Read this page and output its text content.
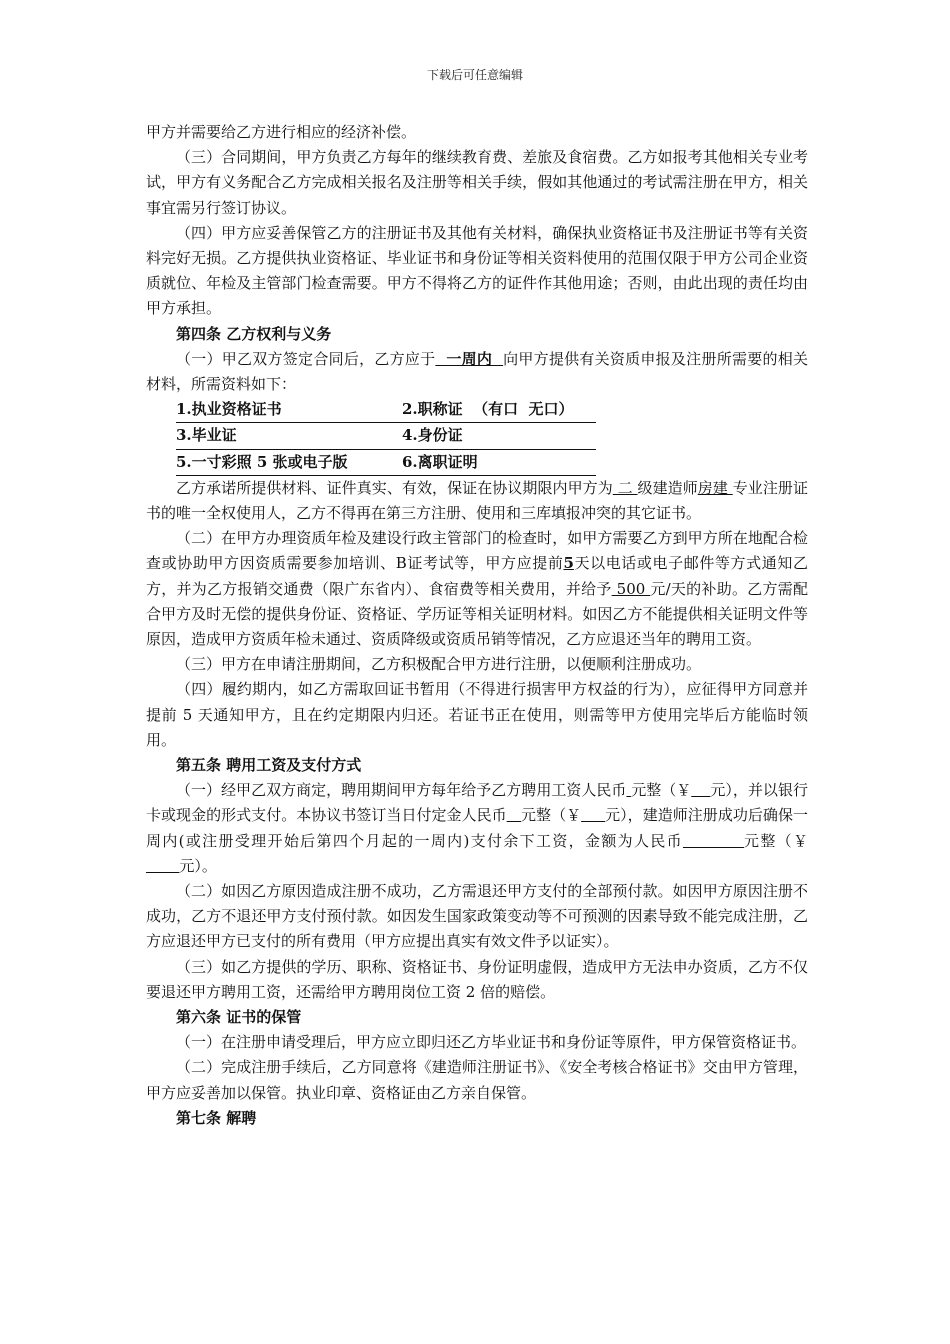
下载后可任意编辑

甲方并需要给乙方进行相应的经济补偿。

（三）合同期间，甲方负责乙方每年的继续教育费、差旅及食宿费。乙方如报考其他相关专业考试，甲方有义务配合乙方完成相关报名及注册等相关手续，假如其他通过的考试需注册在甲方，相关事宜需另行签订协议。

（四）甲方应妥善保管乙方的注册证书及其他有关材料，确保执业资格证书及注册证书等有关资料完好无损。乙方提供执业资格证、毕业证书和身份证等相关资料使用的范围仅限于甲方公司企业资质就位、年检及主管部门检查需要。甲方不得将乙方的证件作其他用途；否则，由此出现的责任均由甲方承担。

第四条 乙方权利与义务

（一）甲乙双方签定合同后，乙方应于  一周内  向甲方提供有关资质申报及注册所需要的相关材料，所需资料如下：

1.执业资格证书	2.职称证  （有口  无口）
3.毕业证	4.身份证
5.一寸彩照 5 张或电子版	6.离职证明

乙方承诺所提供材料、证件真实、有效，保证在协议期限内甲方为 二 级建造师房建 专业注册证书的唯一全权使用人，乙方不得再在第三方注册、使用和三库填报冲突的其它证书。

（二）在甲方办理资质年检及建设行政主管部门的检查时，如甲方需要乙方到甲方所在地配合检查或协助甲方因资质需要参加培训、B证考试等，甲方应提前5天以电话或电子邮件等方式通知乙方，并为乙方报销交通费（限广东省内）、食宿费等相关费用，并给予 500 元/天的补助。乙方需配合甲方及时无偿的提供身份证、资格证、学历证等相关证明材料。如因乙方不能提供相关证明文件等原因，造成甲方资质年检未通过、资质降级或资质吊销等情况，乙方应退还当年的聘用工资。

（三）甲方在申请注册期间，乙方积极配合甲方进行注册，以便顺利注册成功。

（四）履约期内，如乙方需取回证书暂用（不得进行损害甲方权益的行为），应征得甲方同意并提前 5 天通知甲方，且在约定期限内归还。若证书正在使用，则需等甲方使用完毕后方能临时领用。

第五条 聘用工资及支付方式

（一）经甲乙双方商定，聘用期间甲方每年给予乙方聘用工资人民币 元整（￥ 元），并以银行卡或现金的形式支付。本协议书签订当日付定金人民币 元整（￥ 元），建造师注册成功后确保一周内(或注册受理开始后第四个月起的一周内)支付余下工资，金额为人民币	元整（￥       元）。

（二）如因乙方原因造成注册不成功，乙方需退还甲方支付的全部预付款。如因甲方原因注册不成功，乙方不退还甲方支付预付款。如因发生国家政策变动等不可预测的因素导致不能完成注册，乙方应退还甲方已支付的所有费用（甲方应提出真实有效文件予以证实）。

（三）如乙方提供的学历、职称、资格证书、身份证明虚假，造成甲方无法申办资质，乙方不仅要退还甲方聘用工资，还需给甲方聘用岗位工资 2 倍的赔偿。

第六条 证书的保管

（一）在注册申请受理后，甲方应立即归还乙方毕业证书和身份证等原件，甲方保管资格证书。

（二）完成注册手续后，乙方同意将《建造师注册证书》、《安全考核合格证书》交由甲方管理，甲方应妥善加以保管。执业印章、资格证由乙方亲自保管。

第七条 解聘
